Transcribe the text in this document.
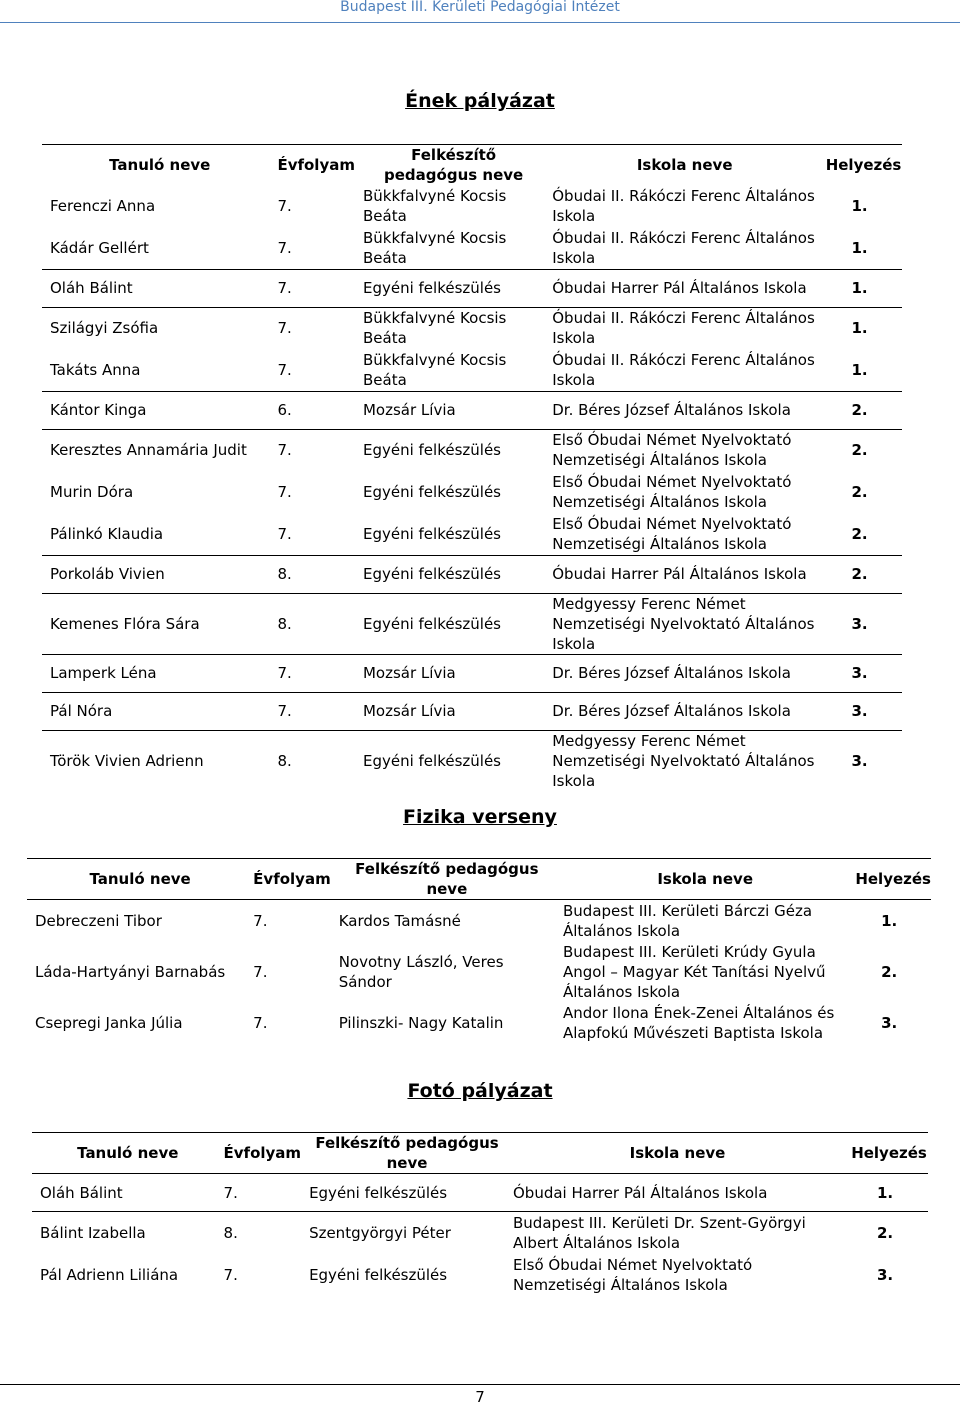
Budapest III. Kerületi Pedagógiai Intézet
Ének pályázat
Tanuló neve	Évfolyam	Felkészítő pedagógus neve	Iskola neve	Helyezés
Ferenczi Anna	7.	Bükkfalvyné Kocsis Beáta	Óbudai II. Rákóczi Ferenc Általános Iskola	1.
Kádár Gellért	7.	Bükkfalvyné Kocsis Beáta	Óbudai II. Rákóczi Ferenc Általános Iskola	1.
Oláh Bálint	7.	Egyéni felkészülés	Óbudai Harrer Pál Általános Iskola	1.
Szilágyi Zsófia	7.	Bükkfalvyné Kocsis Beáta	Óbudai II. Rákóczi Ferenc Általános Iskola	1.
Takáts Anna	7.	Bükkfalvyné Kocsis Beáta	Óbudai II. Rákóczi Ferenc Általános Iskola	1.
Kántor Kinga	6.	Mozsár Lívia	Dr. Béres József Általános Iskola	2.
Keresztes Annamária Judit	7.	Egyéni felkészülés	Első Óbudai Német Nyelvoktató Nemzetiségi Általános Iskola	2.
Murin Dóra	7.	Egyéni felkészülés	Első Óbudai Német Nyelvoktató Nemzetiségi Általános Iskola	2.
Pálinkó Klaudia	7.	Egyéni felkészülés	Első Óbudai Német Nyelvoktató Nemzetiségi Általános Iskola	2.
Porkoláb Vivien	8.	Egyéni felkészülés	Óbudai Harrer Pál Általános Iskola	2.
Kemenes Flóra Sára	8.	Egyéni felkészülés	Medgyessy Ferenc Német Nemzetiségi Nyelvoktató Általános Iskola	3.
Lamperk Léna	7.	Mozsár Lívia	Dr. Béres József Általános Iskola	3.
Pál Nóra	7.	Mozsár Lívia	Dr. Béres József Általános Iskola	3.
Török Vivien Adrienn	8.	Egyéni felkészülés	Medgyessy Ferenc Német Nemzetiségi Nyelvoktató Általános Iskola	3.
Fizika verseny
Tanuló neve	Évfolyam	Felkészítő pedagógus neve	Iskola neve	Helyezés
Debreczeni Tibor	7.	Kardos Tamásné	Budapest III. Kerületi Bárczi Géza Általános Iskola	1.
Láda-Hartyányi Barnabás	7.	Novotny László, Veres Sándor	Budapest III. Kerületi Krúdy Gyula Angol – Magyar Két Tanítási Nyelvű Általános Iskola	2.
Csepregi Janka Júlia	7.	Pilinszki- Nagy Katalin	Andor Ilona Ének-Zenei Általános és Alapfokú Művészeti Baptista Iskola	3.
Fotó pályázat
Tanuló neve	Évfolyam	Felkészítő pedagógus neve	Iskola neve	Helyezés
Oláh Bálint	7.	Egyéni felkészülés	Óbudai Harrer Pál Általános Iskola	1.
Bálint Izabella	8.	Szentgyörgyi Péter	Budapest III. Kerületi Dr. Szent-Györgyi Albert Általános Iskola	2.
Pál Adrienn Liliána	7.	Egyéni felkészülés	Első Óbudai Német Nyelvoktató Nemzetiségi Általános Iskola	3.
7
